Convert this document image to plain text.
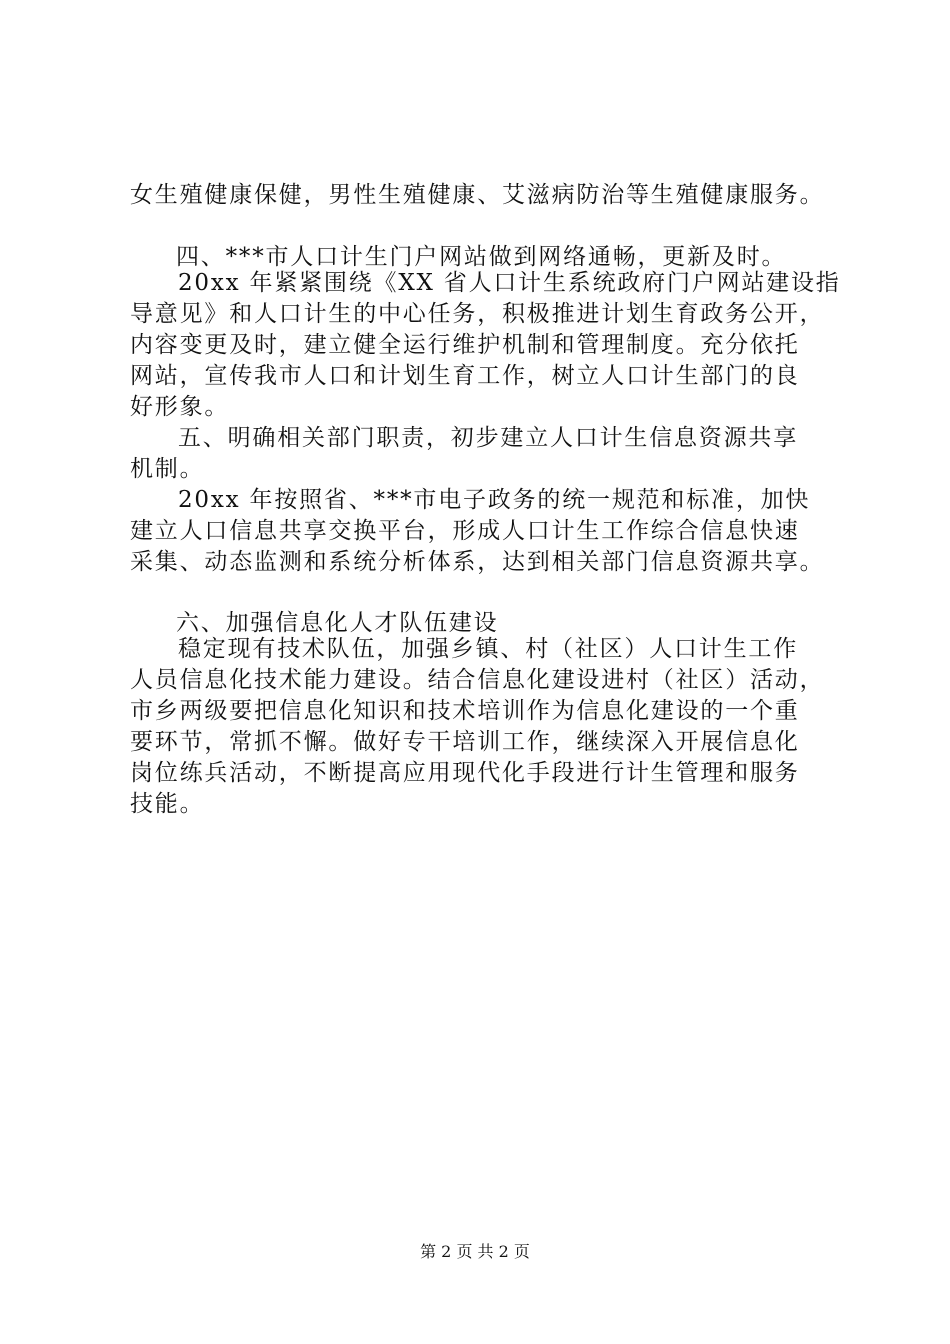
女生殖健康保健，男性生殖健康、艾滋病防治等生殖健康服务。
四、***市人口计生门户网站做到网络通畅，更新及时。
20xx 年紧紧围绕《XX 省人口计生系统政府门户网站建设指
导意见》和人口计生的中心任务，积极推进计划生育政务公开，
内容变更及时，建立健全运行维护机制和管理制度。充分依托
网站，宣传我市人口和计划生育工作，树立人口计生部门的良
好形象。
五、明确相关部门职责，初步建立人口计生信息资源共享
机制。
20xx 年按照省、***市电子政务的统一规范和标准，加快
建立人口信息共享交换平台，形成人口计生工作综合信息快速
采集、动态监测和系统分析体系，达到相关部门信息资源共享。
六、加强信息化人才队伍建设
稳定现有技术队伍，加强乡镇、村（社区）人口计生工作
人员信息化技术能力建设。结合信息化建设进村（社区）活动，
市乡两级要把信息化知识和技术培训作为信息化建设的一个重
要环节，常抓不懈。做好专干培训工作，继续深入开展信息化
岗位练兵活动，不断提高应用现代化手段进行计生管理和服务
技能。
第 2 页 共 2 页
